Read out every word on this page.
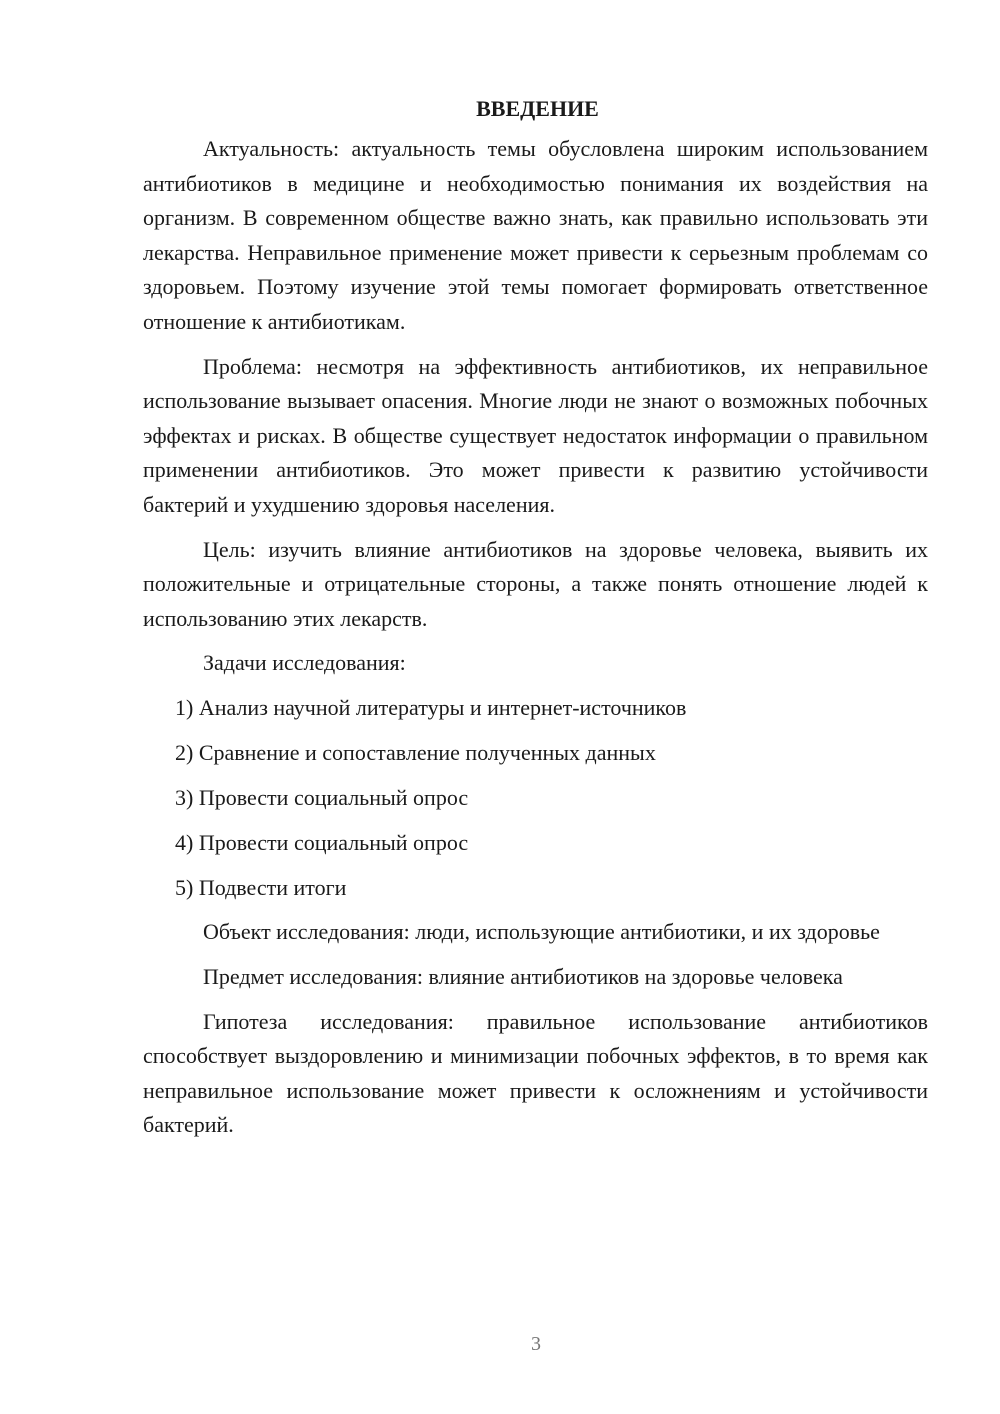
ВВЕДЕНИЕ

Актуальность: актуальность темы обусловлена широким использованием антибиотиков в медицине и необходимостью понимания их воздействия на организм. В современном обществе важно знать, как правильно использовать эти лекарства. Неправильное применение может привести к серьезным проблемам со здоровьем. Поэтому изучение этой темы помогает формировать ответственное отношение к антибиотикам.

Проблема: несмотря на эффективность антибиотиков, их неправильное использование вызывает опасения. Многие люди не знают о возможных побочных эффектах и рисках. В обществе существует недостаток информации о правильном применении антибиотиков. Это может привести к развитию устойчивости бактерий и ухудшению здоровья населения.

Цель: изучить влияние антибиотиков на здоровье человека, выявить их положительные и отрицательные стороны, а также понять отношение людей к использованию этих лекарств.

Задачи исследования:

1) Анализ научной литературы и интернет-источников
2) Сравнение и сопоставление полученных данных
3) Провести социальный опрос
4) Провести социальный опрос
5) Подвести итоги

Объект исследования: люди, использующие антибиотики, и их здоровье

Предмет исследования: влияние антибиотиков на здоровье человека

Гипотеза исследования: правильное использование антибиотиков способствует выздоровлению и минимизации побочных эффектов, в то время как неправильное использование может привести к осложнениям и устойчивости бактерий.

3
